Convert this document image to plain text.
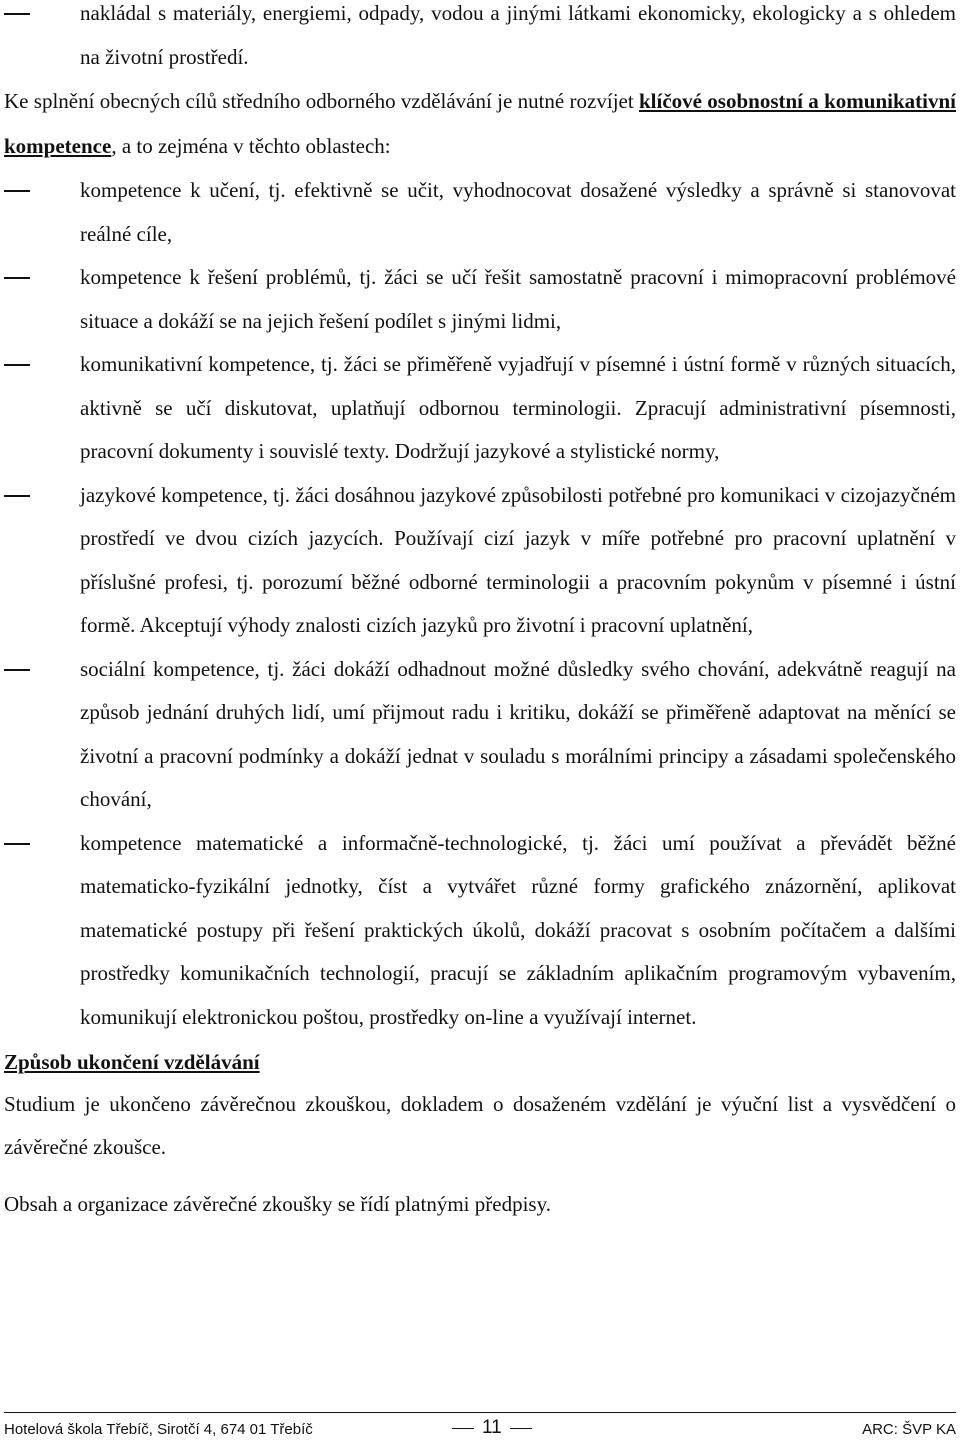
nakládal s materiály, energiemi, odpady, vodou a jinými látkami ekonomicky, ekologicky a s ohledem na životní prostředí.
Ke splnění obecných cílů středního odborného vzdělávání je nutné rozvíjet klíčové osobnostní a komunikativní kompetence, a to zejména v těchto oblastech:
kompetence k učení, tj. efektivně se učit, vyhodnocovat dosažené výsledky a správně si stanovovat reálné cíle,
kompetence k řešení problémů, tj. žáci se učí řešit samostatně pracovní i mimopracovní problémové situace a dokáží se na jejich řešení podílet s jinými lidmi,
komunikativní kompetence, tj. žáci se přiměřeně vyjadřují v písemné i ústní formě v různých situacích, aktivně se učí diskutovat, uplatňují odbornou terminologii. Zpracují administrativní písemnosti, pracovní dokumenty i souvislé texty. Dodržují jazykové a stylistické normy,
jazykové kompetence, tj. žáci dosáhnou jazykové způsobilosti potřebné pro komunikaci v cizojazyčném prostředí ve dvou cizích jazycích. Používají cizí jazyk v míře potřebné pro pracovní uplatnění v příslušné profesi, tj. porozumí běžné odborné terminologii a pracovním pokynům v písemné i ústní formě. Akceptují výhody znalosti cizích jazyků pro životní i pracovní uplatnění,
sociální kompetence, tj. žáci dokáží odhadnout možné důsledky svého chování, adekvátně reagují na způsob jednání druhých lidí, umí přijmout radu i kritiku, dokáží se přiměřeně adaptovat na měnící se životní a pracovní podmínky a dokáží jednat v souladu s morálními principy a zásadami společenského chování,
kompetence matematické a informačně-technologické, tj. žáci umí používat a převádět běžné matematicko-fyzikální jednotky, číst a vytvářet různé formy grafického znázornění, aplikovat matematické postupy při řešení praktických úkolů, dokáží pracovat s osobním počítačem a dalšími prostředky komunikačních technologií, pracují se základním aplikačním programovým vybavením, komunikují elektronickou poštou, prostředky on-line a využívají internet.
Způsob ukončení vzdělávání
Studium je ukončeno závěrečnou zkouškou, dokladem o dosaženém vzdělání je výuční list a vysvědčení o závěrečné zkoušce.
Obsah a organizace závěrečné zkoušky se řídí platnými předpisy.
Hotelová škola Třebíč, Sirotčí 4, 674 01 Třebíč	11	ARC: ŠVP KA
